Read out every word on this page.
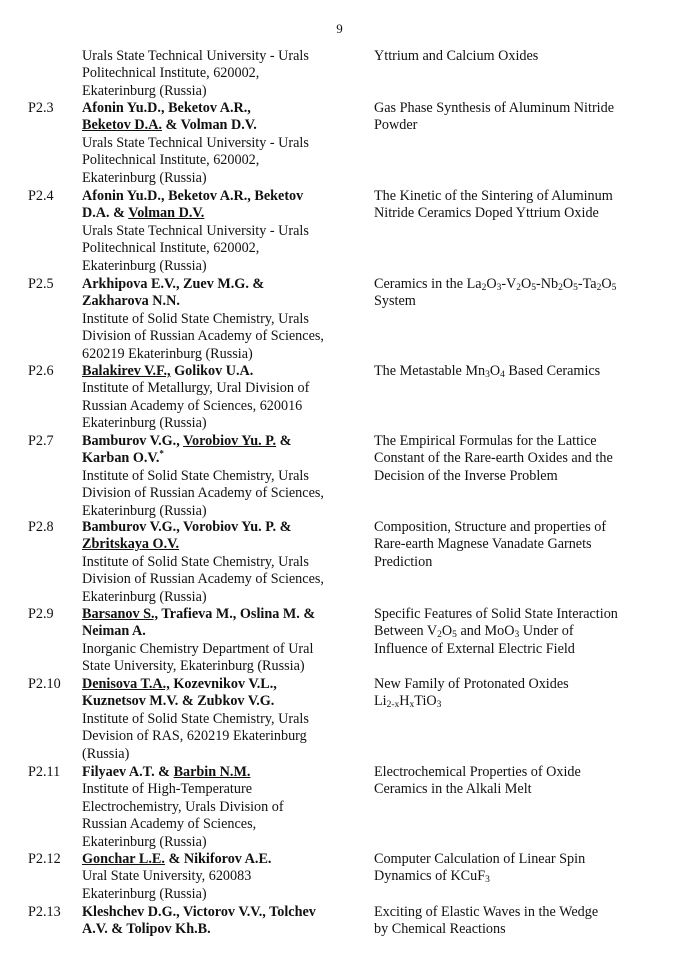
9
Urals State Technical University - Urals
Politechnical Institute, 620002,
Ekaterinburg (Russia)
Yttrium and Calcium Oxides
P2.3 Afonin Yu.D., Beketov A.R.,
Beketov D.A. & Volman D.V.
Urals State Technical University - Urals
Politechnical Institute, 620002,
Ekaterinburg (Russia)
Gas Phase Synthesis of Aluminum Nitride
Powder
P2.4 Afonin Yu.D., Beketov A.R., Beketov
D.A. & Volman D.V.
Urals State Technical University - Urals
Politechnical Institute, 620002,
Ekaterinburg (Russia)
The Kinetic of the Sintering of Aluminum
Nitride Ceramics Doped Yttrium Oxide
P2.5 Arkhipova E.V., Zuev M.G. &
Zakharova N.N.
Institute of Solid State Chemistry, Urals
Division of Russian Academy of Sciences,
620219 Ekaterinburg (Russia)
Ceramics in the $La_2O_3-V_2O_5-Nb_2O_5-Ta_2O_5$
System
P2.6 Balakirev V.F., Golikov U.A.
Institute of Metallurgy, Ural Division of
Russian Academy of Sciences, 620016
Ekaterinburg (Russia)
The Metastable $Mn_3O_4$ Based Ceramics
P2.7 Bamburov V.G., Vorobiov Yu. P. &
Karban O.V.*
Institute of Solid State Chemistry, Urals
Division of Russian Academy of Sciences,
Ekaterinburg (Russia)
The Empirical Formulas for the Lattice
Constant of the Rare-earth Oxides and the
Decision of the Inverse Problem
P2.8 Bamburov V.G., Vorobiov Yu. P. &
Zbritskaya O.V.
Institute of Solid State Chemistry, Urals
Division of Russian Academy of Sciences,
Ekaterinburg (Russia)
Composition, Structure and properties of
Rare-earth Magnese Vanadate Garnets
Prediction
P2.9 Barsanov S., Trafieva M., Oslina M. &
Neiman A.
Inorganic Chemistry Department of Ural
State University, Ekaterinburg (Russia)
Specific Features of Solid State Interaction
Between $V_2O_5$ and MoO$_3$ Under of
Influence of External Electric Field
P2.10 Denisova T.A., Kozevnikov V.L.,
Kuznetsov M.V. & Zubkov V.G.
Institute of Solid State Chemistry, Urals
Devision of RAS, 620219 Ekaterinburg
(Russia)
New Family of Protonated Oxides
$Li_{2-x}H_xTiO_3$
P2.11 Filyaev A.T. & Barbin N.M.
Institute of High-Temperature
Electrochemistry, Urals Division of
Russian Academy of Sciences,
Ekaterinburg (Russia)
Electrochemical Properties of Oxide
Ceramics in the Alkali Melt
P2.12 Gonchar L.E. & Nikiforov A.E.
Ural State University, 620083
Ekaterinburg (Russia)
Computer Calculation of Linear Spin
Dynamics of KCuF$_3$
P2.13 Kleshchev D.G., Victorov V.V., Tolchev
A.V. & Tolipov Kh.B.
Exciting of Elastic Waves in the Wedge
by Chemical Reactions
